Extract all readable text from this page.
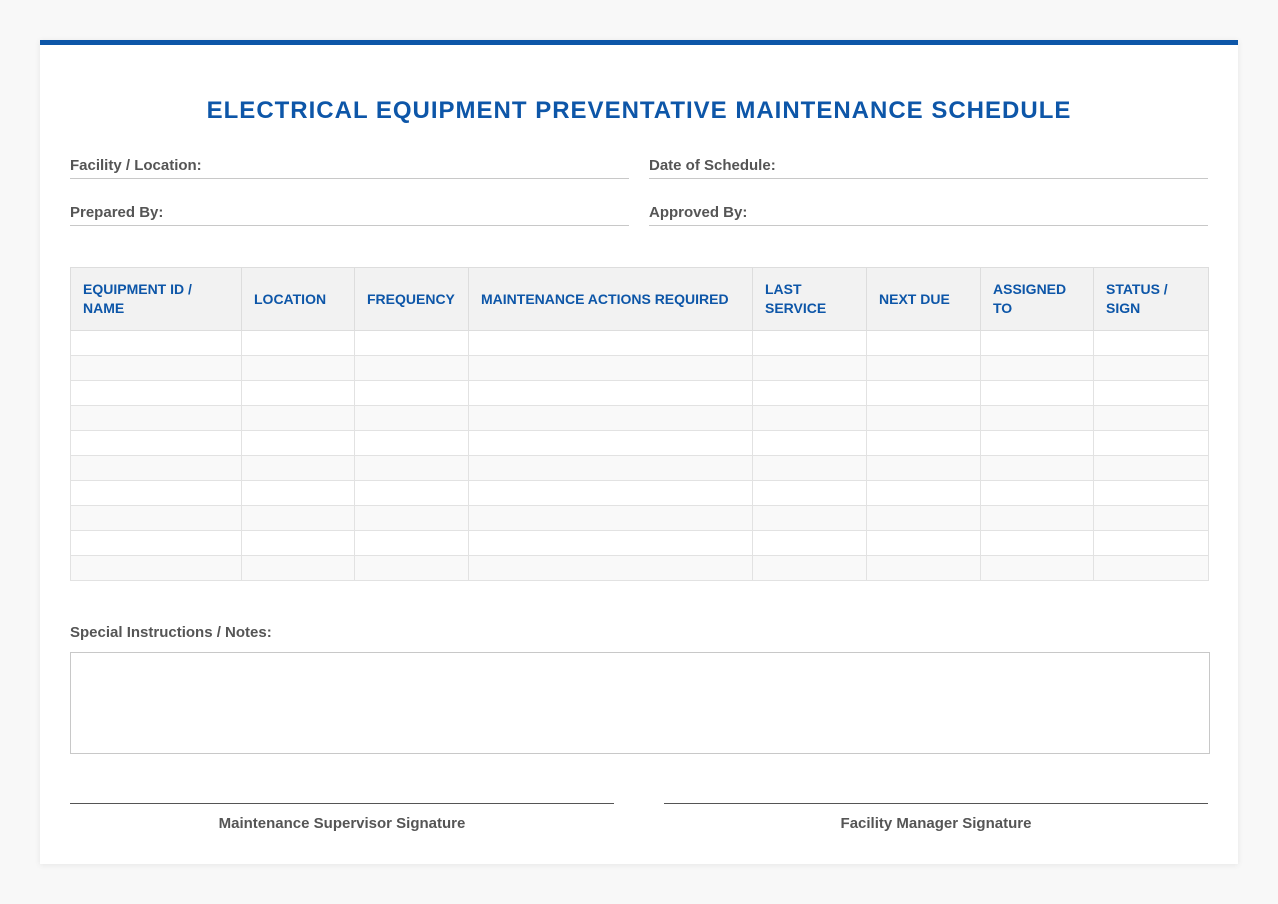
ELECTRICAL EQUIPMENT PREVENTATIVE MAINTENANCE SCHEDULE
Facility / Location:	Date of Schedule:
Prepared By:	Approved By:
EQUIPMENT ID / NAME	LOCATION	FREQUENCY	MAINTENANCE ACTIONS REQUIRED	LAST SERVICE	NEXT DUE	ASSIGNED TO	STATUS / SIGN

Special Instructions / Notes:
Maintenance Supervisor Signature	Facility Manager Signature
